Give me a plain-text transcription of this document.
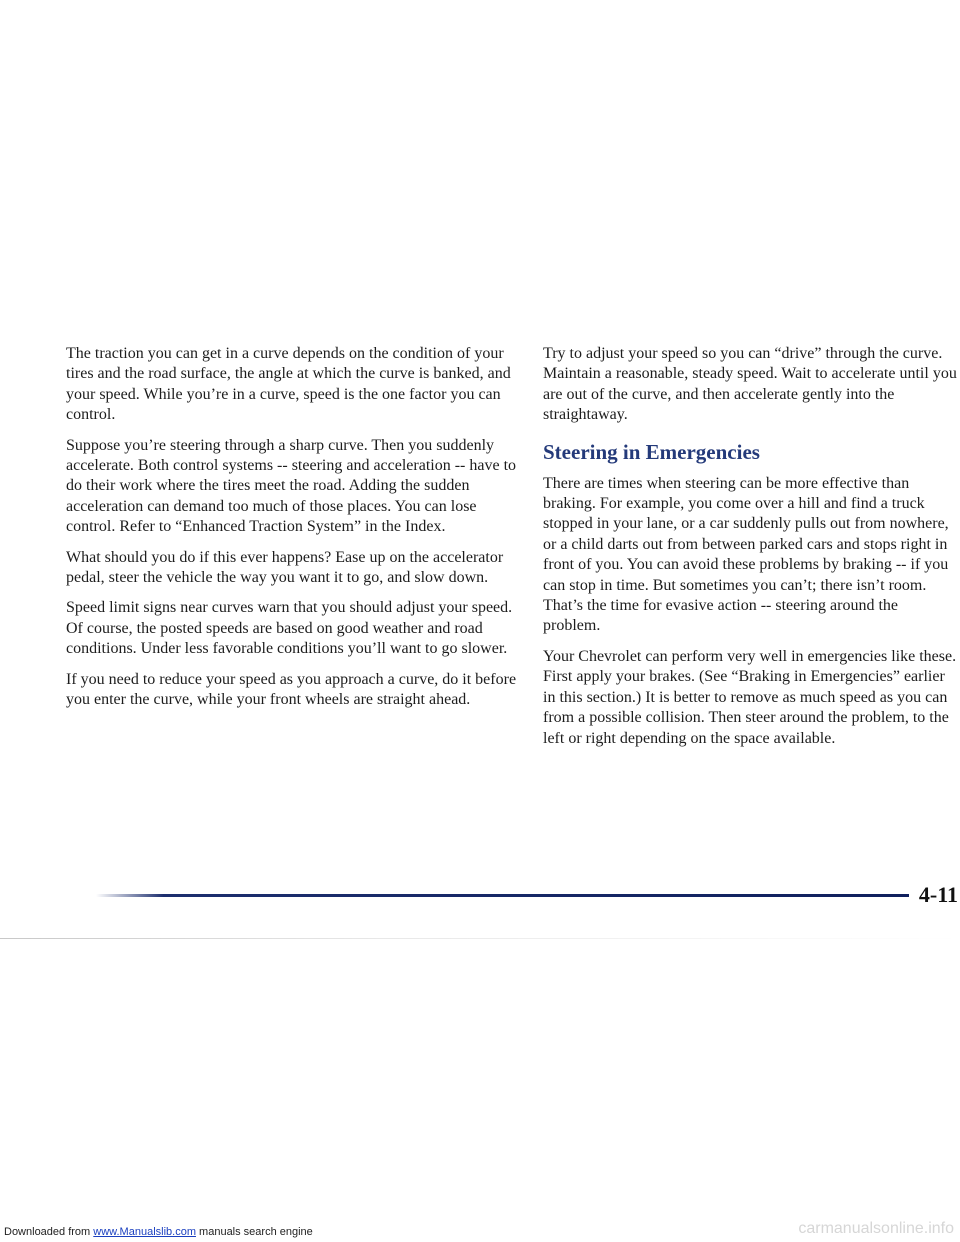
The traction you can get in a curve depends on the condition of your tires and the road surface, the angle at which the curve is banked, and your speed. While you’re in a curve, speed is the one factor you can control.

Suppose you’re steering through a sharp curve. Then you suddenly accelerate. Both control systems -- steering and acceleration -- have to do their work where the tires meet the road. Adding the sudden acceleration can demand too much of those places. You can lose control. Refer to “Enhanced Traction System” in the Index.

What should you do if this ever happens? Ease up on the accelerator pedal, steer the vehicle the way you want it to go, and slow down.

Speed limit signs near curves warn that you should adjust your speed. Of course, the posted speeds are based on good weather and road conditions. Under less favorable conditions you’ll want to go slower.

If you need to reduce your speed as you approach a curve, do it before you enter the curve, while your front wheels are straight ahead.

Try to adjust your speed so you can “drive” through the curve. Maintain a reasonable, steady speed. Wait to accelerate until you are out of the curve, and then accelerate gently into the straightaway.

Steering in Emergencies

There are times when steering can be more effective than braking. For example, you come over a hill and find a truck stopped in your lane, or a car suddenly pulls out from nowhere, or a child darts out from between parked cars and stops right in front of you. You can avoid these problems by braking -- if you can stop in time. But sometimes you can’t; there isn’t room. That’s the time for evasive action -- steering around the problem.

Your Chevrolet can perform very well in emergencies like these. First apply your brakes. (See “Braking in Emergencies” earlier in this section.) It is better to remove as much speed as you can from a possible collision. Then steer around the problem, to the left or right depending on the space available.

4-11
Downloaded from www.Manualslib.com manuals search engine	carmanualsonline.info
